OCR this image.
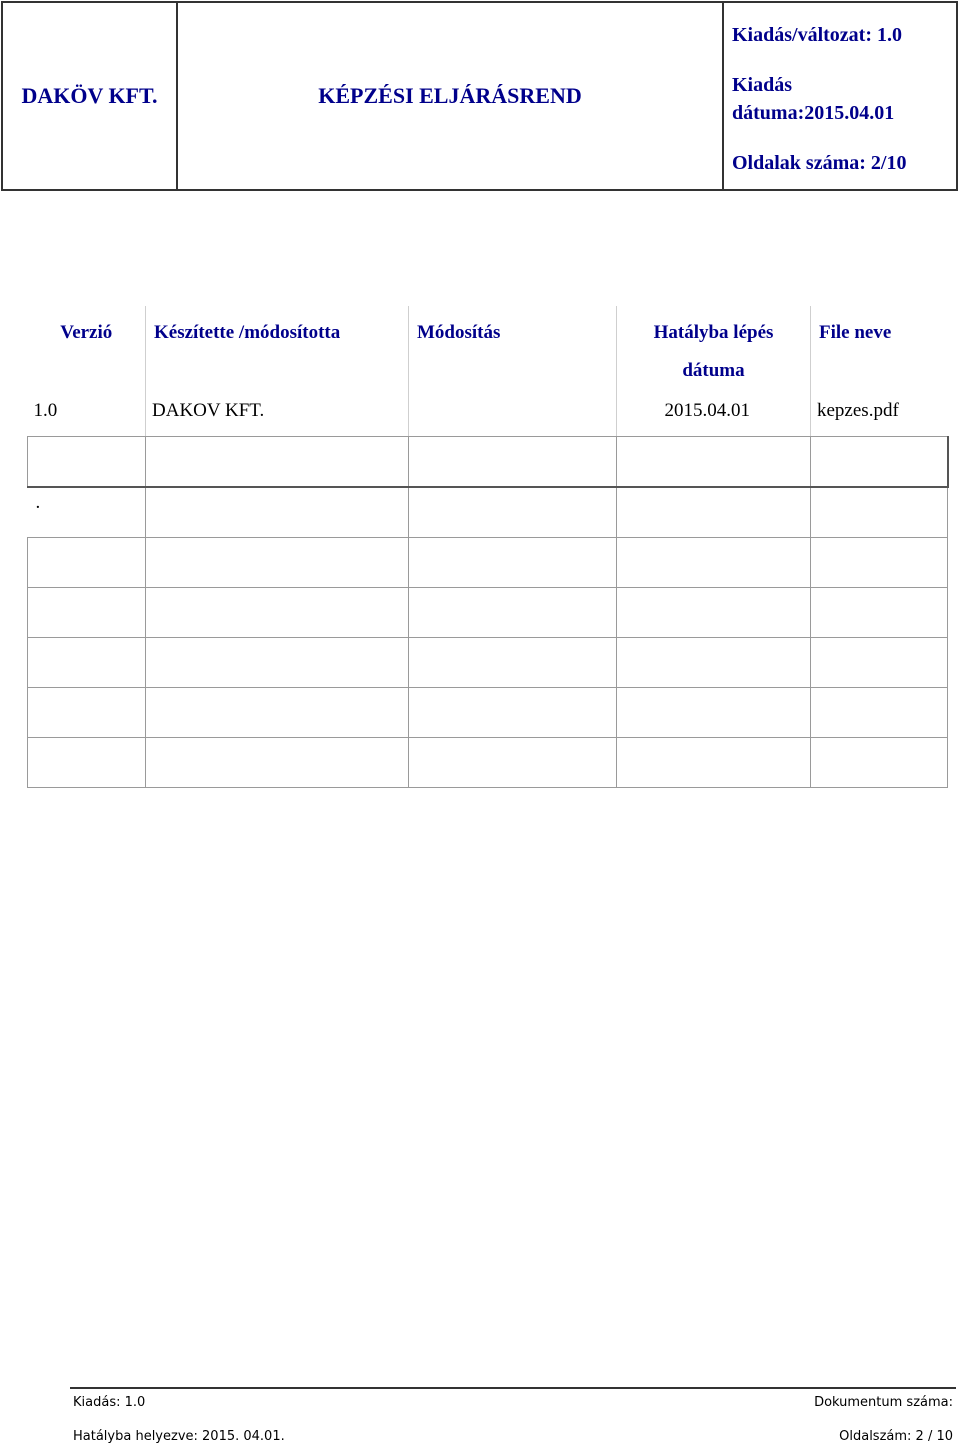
DAKÖV KFT.	KÉPZÉSI ELJÁRÁSREND
Kiadás/változat: 1.0
Kiadás
dátuma:2015.04.01
Oldalak száma: 2/10
Verzió	Készítette /módosította	Módosítás	Hatályba lépés
dátuma	File neve
1.0	DAKOV KFT.		2015.04.01	kepzes.pdf

.				

Kiadás: 1.0	Dokumentum száma:
Hatályba helyezve: 2015. 04.01.	Oldalszám: 2 / 10
